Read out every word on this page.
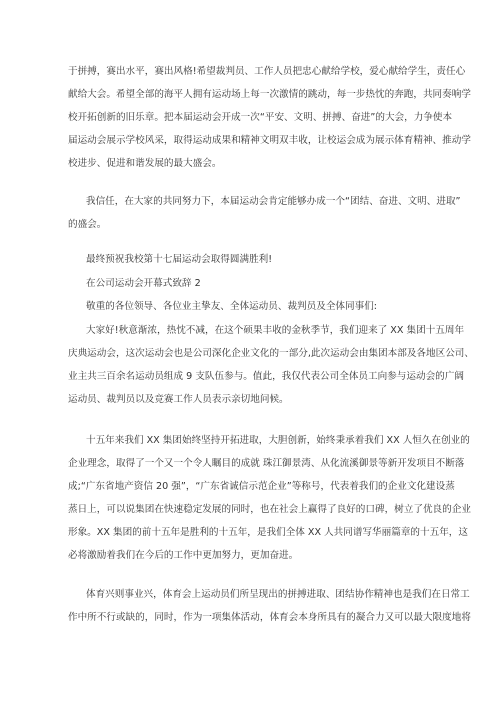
于拼搏，赛出水平，赛出风格!希望裁判员、工作人员把忠心献给学校，爱心献给学生，责任心
献给大会。希望全部的海平人拥有运动场上每一次激情的跳动，每一步热忱的奔跑，共同奏响学
校开拓创新的旧乐章。把本届运动会开成一次“平安、文明、拼搏、奋进”的大会，力争使本
届运动会展示学校风采，取得运动成果和精神文明双丰收，让校运会成为展示体育精神、推动学
校进步、促进和谐发展的最大盛会。
我信任，在大家的共同努力下，本届运动会肯定能够办成一个“团结、奋进、文明、进取”
的盛会。
最终预祝我校第十七届运动会取得圆满胜利!
在公司运动会开幕式致辞 2
敬重的各位领导、各位业主挚友、全体运动员、裁判员及全体同事们:
大家好!秋意渐浓，热忱不减，在这个硕果丰收的金秋季节，我们迎来了 XX 集团十五周年
庆典运动会，这次运动会也是公司深化企业文化的一部分,此次运动会由集团本部及各地区公司、
业主共三百余名运动员组成 9 支队伍参与。值此，我仅代表公司全体员工向参与运动会的广阔
运动员、裁判员以及竞赛工作人员表示亲切地问候。
十五年来我们 XX 集团始终坚持开拓进取，大胆创新，始终秉承着我们 XX 人恒久在创业的
企业理念，取得了一个又一个令人瞩目的成就 珠江御景湾、从化流溪御景等新开发项目不断落
成;“广东省地产资信 20 强”，“广东省诚信示范企业”等称号，代表着我们的企业文化建设蒸
蒸日上，可以说集团在快速稳定发展的同时，也在社会上赢得了良好的口碑，树立了优良的企业
形象。XX 集团的前十五年是胜利的十五年，是我们全体 XX 人共同谱写华丽篇章的十五年，这
必将激励着我们在今后的工作中更加努力，更加奋进。
体育兴则事业兴，体育会上运动员们所呈现出的拼搏进取、团结协作精神也是我们在日常工
作中所不行或缺的，同时，作为一项集体活动，体育会本身所具有的凝合力又可以最大限度地将
